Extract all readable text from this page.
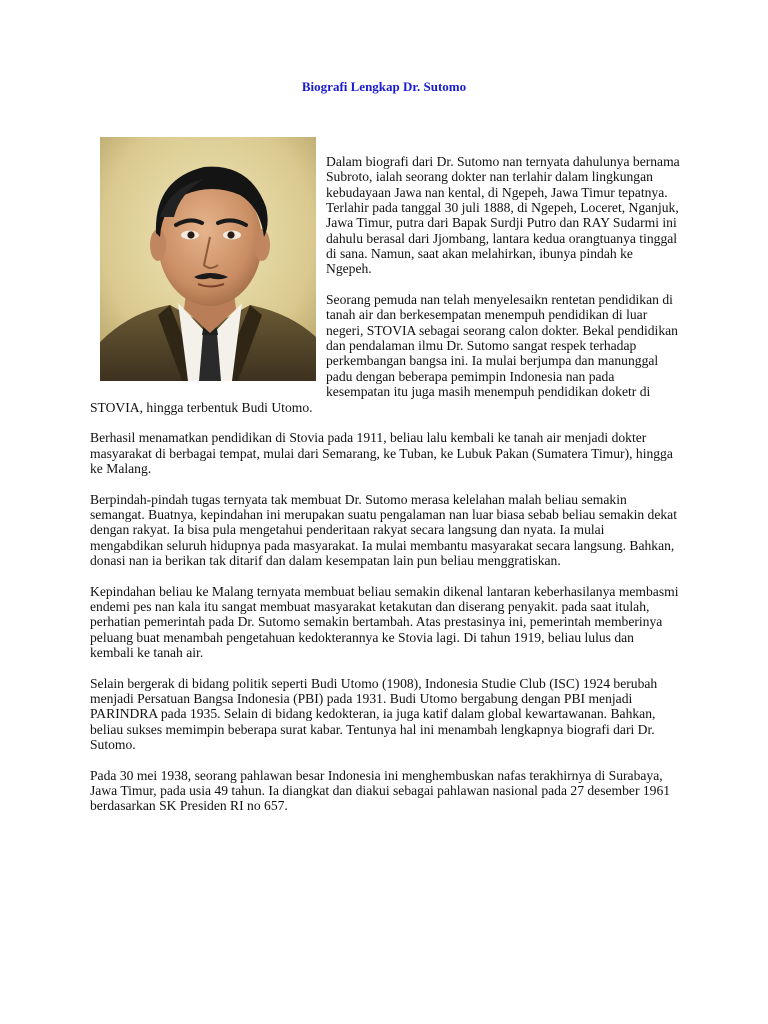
Biografi Lengkap Dr. Sutomo

Dalam biografi dari Dr. Sutomo nan ternyata dahulunya bernama Subroto, ialah seorang dokter nan terlahir dalam lingkungan kebudayaan Jawa nan kental, di Ngepeh, Jawa Timur tepatnya. Terlahir pada tanggal 30 juli 1888, di Ngepeh, Loceret, Nganjuk, Jawa Timur, putra dari Bapak Surdji Putro dan RAY Sudarmi ini dahulu berasal dari Jjombang, lantara kedua orangtuanya tinggal di sana. Namun, saat akan melahirkan, ibunya pindah ke Ngepeh.

Seorang pemuda nan telah menyelesaikn rentetan pendidikan di tanah air dan berkesempatan menempuh pendidikan di luar negeri, STOVIA sebagai seorang calon dokter. Bekal pendidikan dan pendalaman ilmu Dr. Sutomo sangat respek terhadap perkembangan bangsa ini. Ia mulai berjumpa dan manunggal padu dengan beberapa pemimpin Indonesia nan pada kesempatan itu juga masih menempuh pendidikan doketr di STOVIA, hingga terbentuk Budi Utomo.

Berhasil menamatkan pendidikan di Stovia pada 1911, beliau lalu kembali ke tanah air menjadi dokter masyarakat di berbagai tempat, mulai dari Semarang, ke Tuban, ke Lubuk Pakan (Sumatera Timur), hingga ke Malang.

Berpindah-pindah tugas ternyata tak membuat Dr. Sutomo merasa kelelahan malah beliau semakin semangat. Buatnya, kepindahan ini merupakan suatu pengalaman nan luar biasa sebab beliau semakin dekat dengan rakyat. Ia bisa pula mengetahui penderitaan rakyat secara langsung dan nyata. Ia mulai mengabdikan seluruh hidupnya pada masyarakat. Ia mulai membantu masyarakat secara langsung. Bahkan, donasi nan ia berikan tak ditarif dan dalam kesempatan lain pun beliau menggratiskan.

Kepindahan beliau ke Malang ternyata membuat beliau semakin dikenal lantaran keberhasilanya membasmi endemi pes nan kala itu sangat membuat masyarakat ketakutan dan diserang penyakit. pada saat itulah, perhatian pemerintah pada Dr. Sutomo semakin bertambah. Atas prestasinya ini, pemerintah memberinya peluang buat menambah pengetahuan kedokterannya ke Stovia lagi. Di tahun 1919, beliau lulus dan kembali ke tanah air.

Selain bergerak di bidang politik seperti Budi Utomo (1908), Indonesia Studie Club (ISC) 1924 berubah menjadi Persatuan Bangsa Indonesia (PBI) pada 1931. Budi Utomo bergabung dengan PBI menjadi PARINDRA pada 1935. Selain di bidang kedokteran, ia juga katif dalam global kewartawanan. Bahkan, beliau sukses memimpin beberapa surat kabar. Tentunya hal ini menambah lengkapnya biografi dari Dr. Sutomo.

Pada 30 mei 1938, seorang pahlawan besar Indonesia ini menghembuskan nafas terakhirnya di Surabaya, Jawa Timur, pada usia 49 tahun. Ia diangkat dan diakui sebagai pahlawan nasional pada 27 desember 1961 berdasarkan SK Presiden RI no 657.
